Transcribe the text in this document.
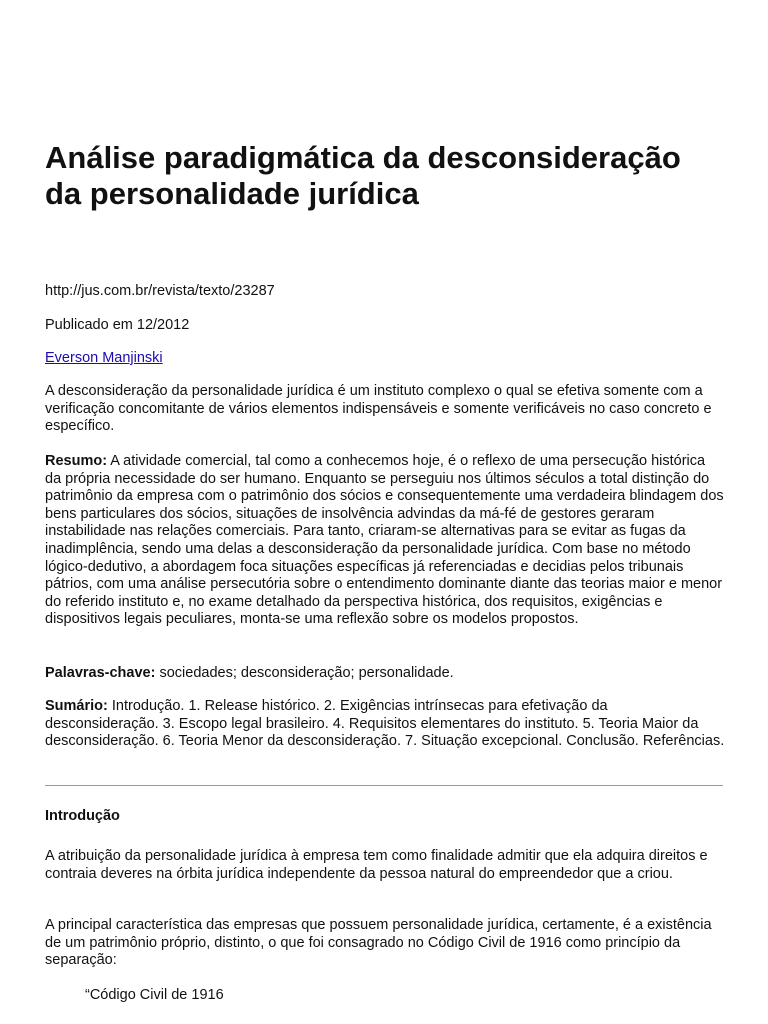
Análise paradigmática da desconsideração da personalidade jurídica

http://jus.com.br/revista/texto/23287

Publicado em 12/2012

Everson Manjinski

A desconsideração da personalidade jurídica é um instituto complexo o qual se efetiva somente com a verificação concomitante de vários elementos indispensáveis e somente verificáveis no caso concreto e específico.

Resumo: A atividade comercial, tal como a conhecemos hoje, é o reflexo de uma persecução histórica da própria necessidade do ser humano. Enquanto se perseguiu nos últimos séculos a total distinção do patrimônio da empresa com o patrimônio dos sócios e consequentemente uma verdadeira blindagem dos bens particulares dos sócios, situações de insolvência advindas da má-fé de gestores geraram instabilidade nas relações comerciais. Para tanto, criaram-se alternativas para se evitar as fugas da inadimplência, sendo uma delas a desconsideração da personalidade jurídica. Com base no método lógico-dedutivo, a abordagem foca situações específicas já referenciadas e decidias pelos tribunais pátrios, com uma análise persecutória sobre o entendimento dominante diante das teorias maior e menor do referido instituto e, no exame detalhado da perspectiva histórica, dos requisitos, exigências e dispositivos legais peculiares, monta-se uma reflexão sobre os modelos propostos.

Palavras-chave: sociedades; desconsideração; personalidade.

Sumário: Introdução. 1. Release histórico. 2. Exigências intrínsecas para efetivação da desconsideração. 3. Escopo legal brasileiro. 4. Requisitos elementares do instituto. 5. Teoria Maior da desconsideração. 6. Teoria Menor da desconsideração. 7. Situação excepcional. Conclusão. Referências.

Introdução

A atribuição da personalidade jurídica à empresa tem como finalidade admitir que ela adquira direitos e contraia deveres na órbita jurídica independente da pessoa natural do empreendedor que a criou.

A principal característica das empresas que possuem personalidade jurídica, certamente, é a existência de um patrimônio próprio, distinto, o que foi consagrado no Código Civil de 1916 como princípio da separação:

“Código Civil de 1916
